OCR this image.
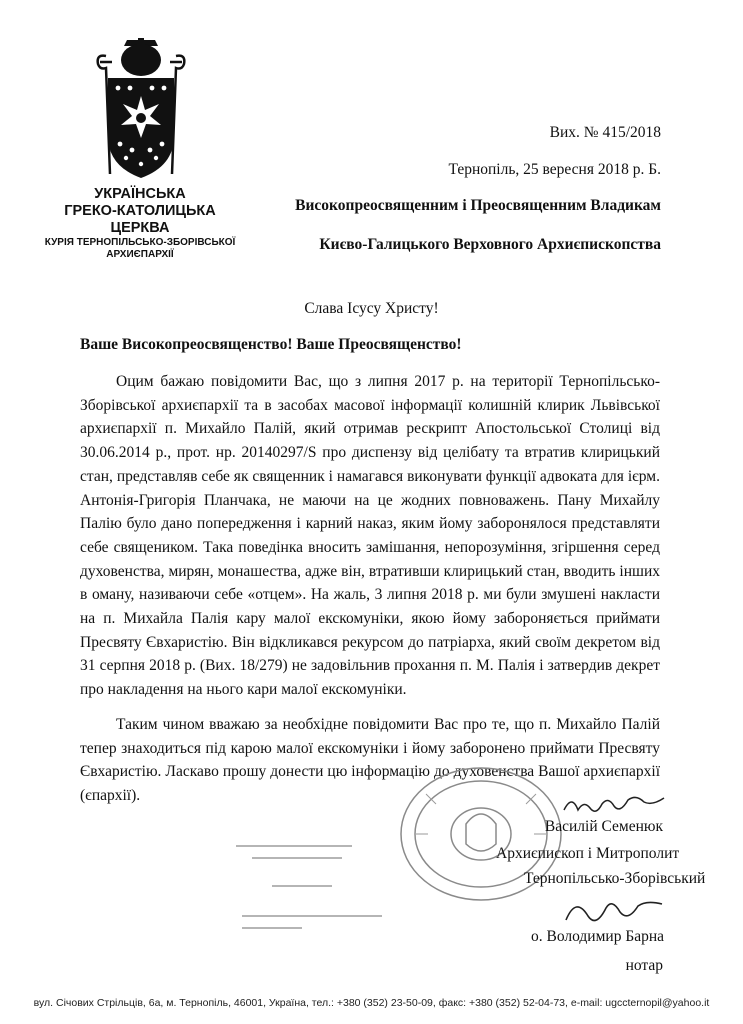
УКРАЇНСЬКА
ГРЕКО-КАТОЛИЦЬКА ЦЕРКВА
КУРІЯ ТЕРНОПІЛЬСЬКО-ЗБОРІВСЬКОЇ
АРХИЄПАРХІЇ
Вих. № 415/2018
Тернопіль, 25 вересня 2018 р. Б.
Високопреосвященним і Преосвященним Владикам
Києво-Галицького Верховного Архиєпископства
Слава Ісусу Христу!
Ваше Високопреосвященство! Ваше Преосвященство!

Оцим бажаю повідомити Вас, що з липня 2017 р. на території Тернопільсько-Зборівської архиєпархії та в засобах масової інформації колишній клирик Львівської архиєпархії п. Михайло Палій, який отримав рескрипт Апостольської Столиці від 30.06.2014 р., прот. нр. 20140297/S про диспензу від целібату та втратив клирицький стан, представляв себе як священник і намагався виконувати функції адвоката для ієрм. Антонія-Григорія Планчака, не маючи на це жодних повноважень. Пану Михайлу Палію було дано попередження і карний наказ, яким йому заборонялося представляти себе священиком. Така поведінка вносить замішання, непорозуміння, згіршення серед духовенства, мирян, монашества, адже він, втративши клирицький стан, вводить інших в оману, називаючи себе «отцем». На жаль, 3 липня 2018 р. ми були змушені накласти на п. Михайла Палія кару малої екскомуніки, якою йому забороняється приймати Пресвяту Євхаристію. Він відкликався рекурсом до патріарха, який своїм декретом від 31 серпня 2018 р. (Вих. 18/279) не задовільнив прохання п. М. Палія і затвердив декрет про накладення на нього кари малої екскомуніки.

Таким чином вважаю за необхідне повідомити Вас про те, що п. Михайло Палій тепер знаходиться під карою малої екскомуніки і йому заборонено приймати Пресвяту Євхаристію. Ласкаво прошу донести цю інформацію до духовенства Вашої архиєпархії (єпархії).

Василій Семенюк
Архиєпископ і Митрополит
Тернопільсько-Зборівський
о. Володимир Барна
нотар
вул. Січових Стрільців, 6а, м. Тернопіль, 46001, Україна, тел.: +380 (352) 23-50-09, факс: +380 (352) 52-04-73, e-mail: ugccternopil@yahoo.it
